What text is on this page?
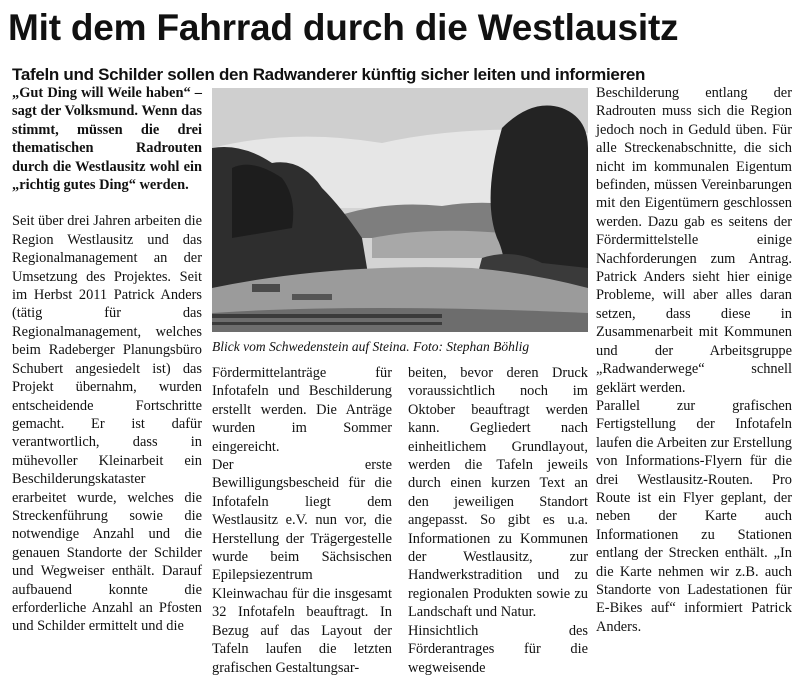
Mit dem Fahrrad durch die Westlausitz
Tafeln und Schilder sollen den Radwanderer künftig sicher leiten und informieren

„Gut Ding will Weile haben“ – sagt der Volksmund. Wenn das stimmt, müssen die drei thematischen Radrouten durch die Westlausitz wohl ein „richtig gutes Ding“ werden.

Seit über drei Jahren arbeiten die Region Westlausitz und das Regionalmanagement an der Umsetzung des Projektes. Seit im Herbst 2011 Patrick Anders (tätig für das Regionalmanagement, welches beim Radeberger Planungsbüro Schubert angesiedelt ist) das Projekt übernahm, wurden entscheidende Fortschritte gemacht. Er ist dafür verantwortlich, dass in mühevoller Kleinarbeit ein Beschilderungskataster erarbeitet wurde, welches die Streckenführung sowie die notwendige Anzahl und die genauen Standorte der Schilder und Wegweiser enthält. Darauf aufbauend konnte die erforderliche Anzahl an Pfosten und Schilder ermittelt und die

Blick vom Schwedenstein auf Steina. Foto: Stephan Böhlig

Fördermittelanträge für Infotafeln und Beschilderung erstellt werden. Die Anträge wurden im Sommer eingereicht.

Der erste Bewilligungsbescheid für die Infotafeln liegt dem Westlausitz e.V. nun vor, die Herstellung der Trägergestelle wurde beim Sächsischen Epilepsiezentrum Kleinwachau für die insgesamt 32 Infotafeln beauftragt. In Bezug auf das Layout der Tafeln laufen die letzten grafischen Gestaltungsar-

beiten, bevor deren Druck voraussichtlich noch im Oktober beauftragt werden kann. Gegliedert nach einheitlichem Grundlayout, werden die Tafeln jeweils durch einen kurzen Text an den jeweiligen Standort angepasst. So gibt es u.a. Informationen zu Kommunen der Westlausitz, zur Handwerkstradition und zu regionalen Produkten sowie zu Landschaft und Natur.

Hinsichtlich des Förderantrages für die wegweisende

Beschilderung entlang der Radrouten muss sich die Region jedoch noch in Geduld üben. Für alle Streckenabschnitte, die sich nicht im kommunalen Eigentum befinden, müssen Vereinbarungen mit den Eigentümern geschlossen werden. Dazu gab es seitens der Fördermittelstelle einige Nachforderungen zum Antrag. Patrick Anders sieht hier einige Probleme, will aber alles daran setzen, dass diese in Zusammenarbeit mit Kommunen und der Arbeitsgruppe „Radwanderwege“ schnell geklärt werden.

Parallel zur grafischen Fertigstellung der Infotafeln laufen die Arbeiten zur Erstellung von Informations-Flyern für die drei Westlausitz-Routen. Pro Route ist ein Flyer geplant, der neben der Karte auch Informationen zu Stationen entlang der Strecken enthält. „In die Karte nehmen wir z.B. auch Standorte von Ladestationen für E-Bikes auf“ informiert Patrick Anders.
